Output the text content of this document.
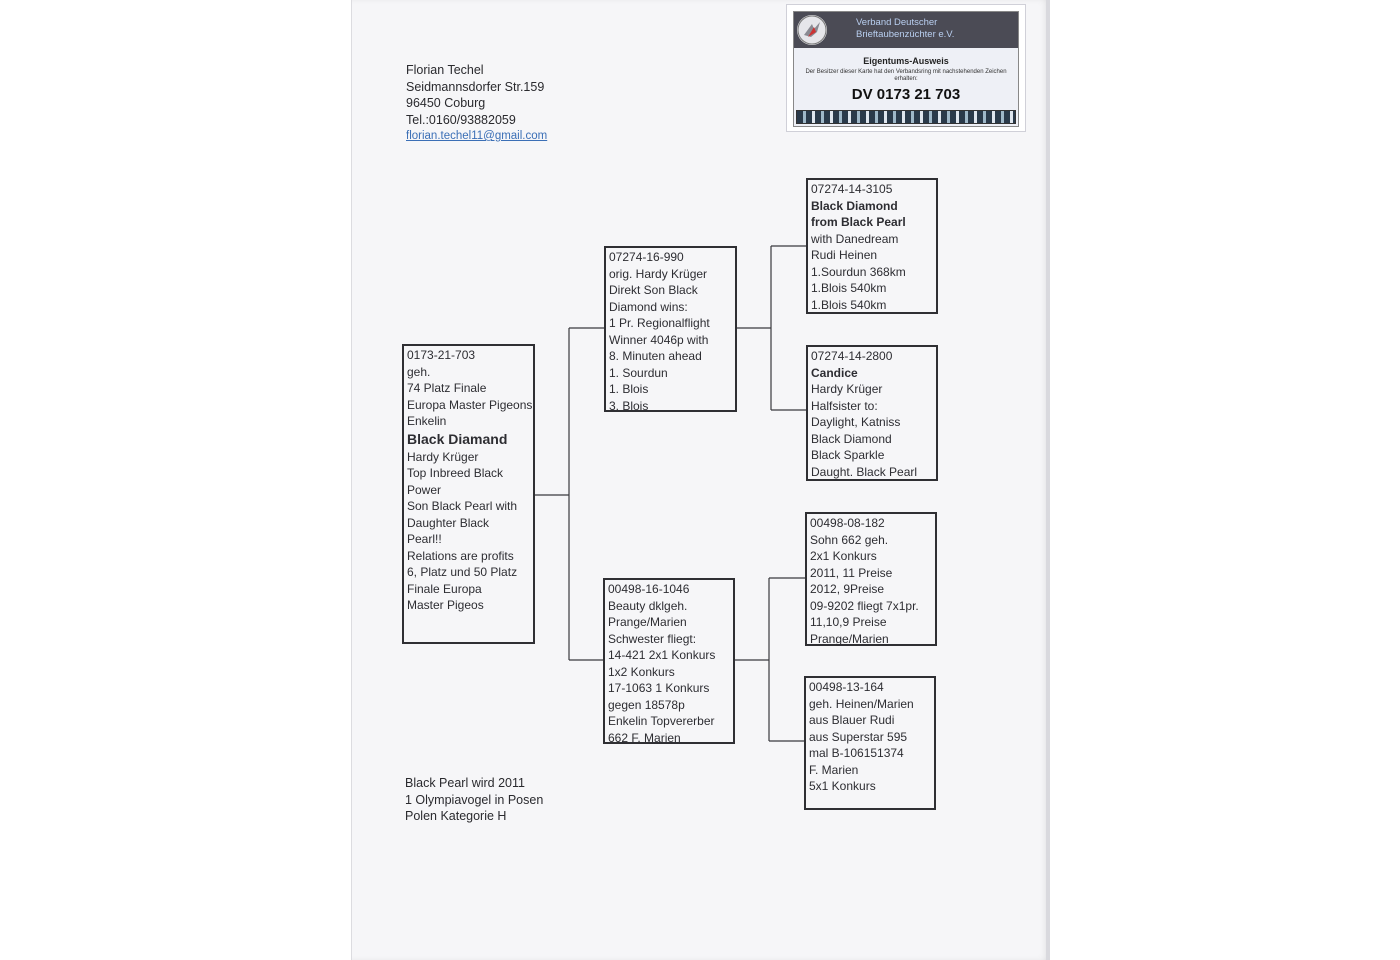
Florian Techel
Seidmannsdorfer Str.159
96450 Coburg
Tel.:0160/93882059
florian.techel11@gmail.com
Verband Deutscher
Brieftaubenzüchter e.V.
Eigentums-Ausweis
Der Besitzer dieser Karte hat den Verbandsring mit nachstehenden Zeichen erhalten:
DV 0173 21 703
0173-21-703
geh.
74 Platz Finale
Europa Master Pigeons
Enkelin
Black Diamand
Hardy Krüger
Top Inbreed Black
Power
Son Black Pearl with
Daughter Black
Pearl!!
Relations are profits
6, Platz und 50 Platz
Finale Europa
Master Pigeos
07274-16-990
orig. Hardy Krüger
Direkt Son Black
Diamond wins:
1 Pr. Regionalflight
Winner 4046p with
8. Minuten ahead
1. Sourdun
1. Blois
3. Blois
00498-16-1046
Beauty dklgeh.
Prange/Marien
Schwester fliegt:
14-421 2x1 Konkurs
1x2 Konkurs
17-1063 1 Konkurs
gegen 18578p
Enkelin Topvererber
662 F. Marien
07274-14-3105
Black Diamond
from Black Pearl
with Danedream
Rudi Heinen
1.Sourdun 368km
1.Blois 540km
1.Blois 540km
07274-14-2800
Candice
Hardy Krüger
Halfsister to:
Daylight, Katniss
Black Diamond
Black Sparkle
Daught. Black Pearl
00498-08-182
Sohn 662 geh.
2x1 Konkurs
2011, 11 Preise
2012, 9Preise
09-9202 fliegt 7x1pr.
11,10,9 Preise
Prange/Marien
00498-13-164
geh. Heinen/Marien
aus Blauer Rudi
aus Superstar 595
mal B-106151374
F. Marien
5x1 Konkurs
Black Pearl wird 2011
1 Olympiavogel in Posen
Polen Kategorie H
